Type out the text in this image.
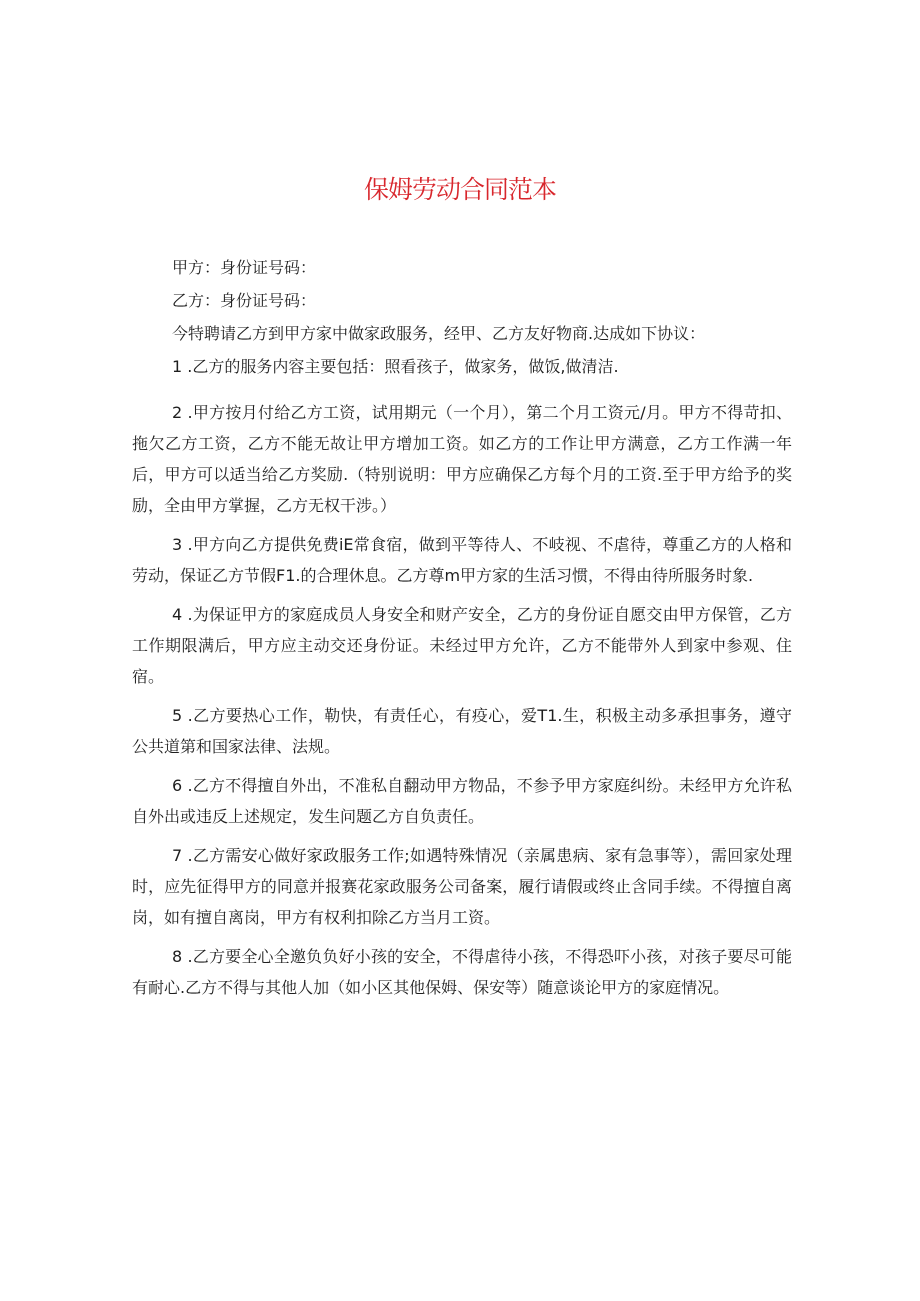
保姆劳动合同范本

甲方：身份证号码：

乙方：身份证号码：

今特聘请乙方到甲方家中做家政服务，经甲、乙方友好物商.达成如下协议：

1 .乙方的服务内容主要包括：照看孩子，做家务，做饭,做清洁.

2 .甲方按月付给乙方工资，试用期元（一个月），第二个月工资元/月。甲方不得苛扣、拖欠乙方工资，乙方不能无故让甲方增加工资。如乙方的工作让甲方满意，乙方工作满一年后，甲方可以适当给乙方奖励.（特别说明：甲方应确保乙方每个月的工资.至于甲方给予的奖励，全由甲方掌握，乙方无权干涉。）

3 .甲方向乙方提供免费iE常食宿，做到平等待人、不岐视、不虐待，尊重乙方的人格和劳动，保证乙方节假F1.的合理休息。乙方尊m甲方家的生活习惯，不得由待所服务时象.

4 .为保证甲方的家庭成员人身安全和财产安全，乙方的身份证自愿交由甲方保管，乙方工作期限满后，甲方应主动交还身份证。未经过甲方允许，乙方不能带外人到家中参观、住宿。

5 .乙方要热心工作，勒快，有责任心，有疫心，爱T1.生，积极主动多承担事务，遵守公共道第和国家法律、法规。

6 .乙方不得擅自外出，不准私自翻动甲方物品，不参予甲方家庭纠纷。未经甲方允许私自外出或违反上述规定，发生问题乙方自负责任。

7 .乙方需安心做好家政服务工作;如遇特殊情况（亲属患病、家有急事等），需回家处理时，应先征得甲方的同意并报赛花家政服务公司备案，履行请假或终止含同手续。不得擅自离岗，如有擅自离岗，甲方有权利扣除乙方当月工资。

8 .乙方要全心全邀负负好小孩的安全，不得虐待小孩，不得恐吓小孩，对孩子要尽可能有耐心.乙方不得与其他人加（如小区其他保姆、保安等）随意谈论甲方的家庭情况。
